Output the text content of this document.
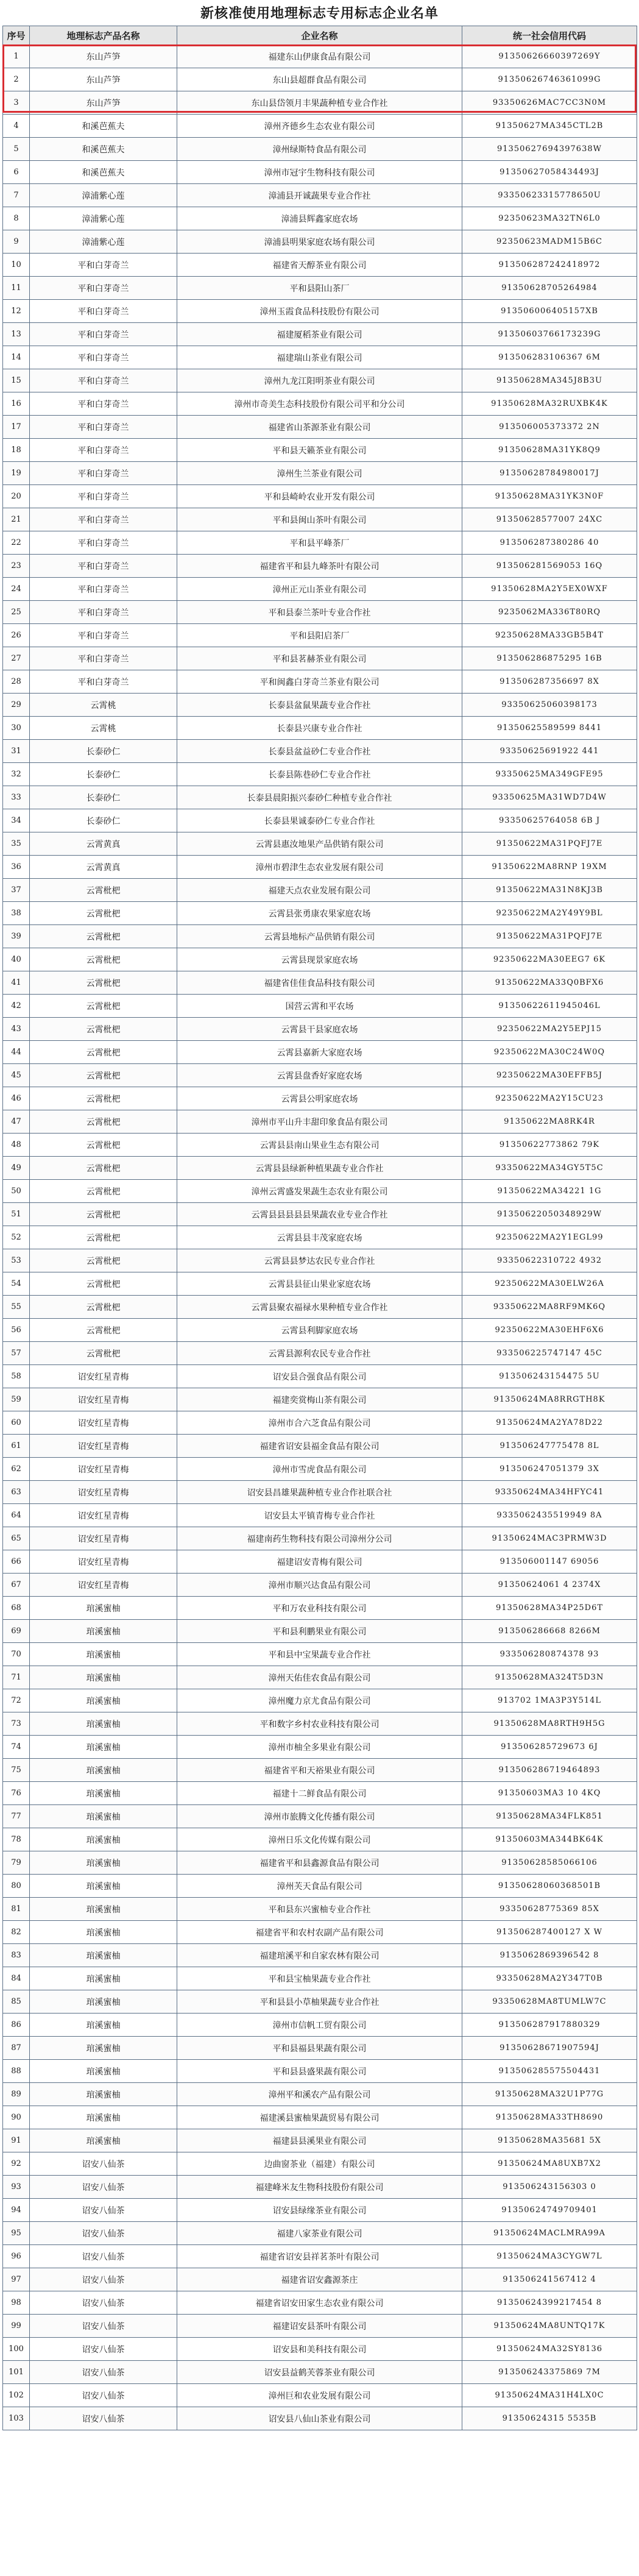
新核准使用地理标志专用标志企业名单
序号	地理标志产品名称	企业名称	统一社会信用代码
1	东山芦笋	福建东山伊康食品有限公司	91350626660397269Y
2	东山芦笋	东山县超群食品有限公司	91350626746361099G
3	东山芦笋	东山县岱领月丰果蔬种植专业合作社	93350626MAC7CC3N0M
4	和溪芭蕉夫	漳州齐德乡生态农业有限公司	91350627MA345CTL2B
5	和溪芭蕉夫	漳州绿斯特食品有限公司	91350627694397638W
6	和溪芭蕉夫	漳州市冠宇生物科技有限公司	91350627058434493J
7	漳浦紫心莲	漳浦县开诚蔬果专业合作社	93350623315778650U
8	漳浦紫心莲	漳浦县辉鑫家庭农场	92350623MA32TN6L0
9	漳浦紫心莲	漳浦县明果家庭农场有限公司	92350623MADM15B6C
10	平和白芽奇兰	福建省天醇茶业有限公司	913506287242418972
11	平和白芽奇兰	平和县阳山茶厂	91350628705264984
12	平和白芽奇兰	漳州玉霞食品科技股份有限公司	913506006405157XB
13	平和白芽奇兰	福建厦稻茶业有限公司	91350603766173239G
14	平和白芽奇兰	福建瑞山茶业有限公司	913506283106367 6M
15	平和白芽奇兰	漳州九龙江阳明茶业有限公司	91350628MA345J8B3U
16	平和白芽奇兰	漳州市奇美生态科技股份有限公司平和分公司	91350628MA32RUXBK4K
17	平和白芽奇兰	福建省山茶源茶业有限公司	913506005373372 2N
18	平和白芽奇兰	平和县天籁茶业有限公司	91350628MA31YK8Q9
19	平和白芽奇兰	漳州生兰茶业有限公司	91350628784980017J
20	平和白芽奇兰	平和县崎岭农业开发有限公司	91350628MA31YK3N0F
21	平和白芽奇兰	平和县闽山茶叶有限公司	91350628577007 24XC
22	平和白芽奇兰	平和县平峰茶厂	913506287380286 40
23	平和白芽奇兰	福建省平和县九峰茶叶有限公司	913506281569053 16Q
24	平和白芽奇兰	漳州正元山茶业有限公司	91350628MA2Y5EX0WXF
25	平和白芽奇兰	平和县泰兰茶叶专业合作社	9235062MA336T80RQ
26	平和白芽奇兰	平和县阳启茶厂	92350628MA33GB5B4T
27	平和白芽奇兰	平和县茗赫茶业有限公司	913506286875295 16B
28	平和白芽奇兰	平和闽鑫白芽奇兰茶业有限公司	913506287356697 8X
29	云霄桃	长泰县盆鼠果蔬专业合作社	93350625060398173
30	云霄桃	长泰县兴康专业合作社	91350625589599 8441
31	长泰砂仁	长泰县盆益砂仁专业合作社	93350625691922 441
32	长泰砂仁	长泰县陈巷砂仁专业合作社	93350625MA349GFE95
33	长泰砂仁	长泰县晨阳振兴泰砂仁种植专业合作社	93350625MA31WD7D4W
34	长泰砂仁	长泰县果诚泰砂仁专业合作社	93350625764058 6B J
35	云霄黄真	云霄县惠汝地果产品供销有限公司	91350622MA31PQFJ7E
36	云霄黄真	漳州市碧津生态农业发展有限公司	91350622MA8RNP 19XM
37	云霄枇杷	福建天点农业发展有限公司	91350622MA31N8KJ3B
38	云霄枇杷	云霄县张勇康农果家庭农场	92350622MA2Y49Y9BL
39	云霄枇杷	云霄县地标产品供销有限公司	91350622MA31PQFJ7E
40	云霄枇杷	云霄县现景家庭农场	92350622MA30EEG7 6K
41	云霄枇杷	福建省佳佳食品科技有限公司	91350622MA33Q0BFX6
42	云霄枇杷	国营云霄和平农场	91350622611945046L
43	云霄枇杷	云霄县干县家庭农场	92350622MA2Y5EPJ15
44	云霄枇杷	云霄县嘉新大家庭农场	92350622MA30C24W0Q
45	云霄枇杷	云霄县盘香好家庭农场	92350622MA30EFFB5J
46	云霄枇杷	云霄县公明家庭农场	92350622MA2Y15CU23
47	云霄枇杷	漳州市平山升丰甜印象食品有限公司	91350622MA8RK4R
48	云霄枇杷	云霄县县南山果业生态有限公司	91350622773862 79K
49	云霄枇杷	云霄县县绿新种植果蔬专业合作社	93350622MA34GY5T5C
50	云霄枇杷	漳州云霄盛发果蔬生态农业有限公司	91350622MA34221 1G
51	云霄枇杷	云霄县县县县县果蔬农业专业合作社	91350622050348929W
52	云霄枇杷	云霄县县丰茂家庭农场	92350622MA2Y1EGL99
53	云霄枇杷	云霄县县梦达农民专业合作社	93350622310722 4932
54	云霄枇杷	云霄县县征山果业家庭农场	92350622MA30ELW26A
55	云霄枇杷	云霄县聚农福禄水果种植专业合作社	93350622MA8RF9MK6Q
56	云霄枇杷	云霄县利脚家庭农场	92350622MA30EHF6X6
57	云霄枇杷	云霄县源利农民专业合作社	933506225747147 45C
58	诏安红星青梅	诏安县合强食品有限公司	913506243154475 5U
59	诏安红星青梅	福建奕赏梅山茶有限公司	91350624MA8RRGTH8K
60	诏安红星青梅	漳州市合六芝食品有限公司	91350624MA2YA78D22
61	诏安红星青梅	福建省诏安县福金食品有限公司	913506247775478 8L
62	诏安红星青梅	漳州市雪虎食品有限公司	913506247051379 3X
63	诏安红星青梅	诏安县昌雄果蔬种植专业合作社联合社	93350624MA34HFYC41
64	诏安红星青梅	诏安县太平镇青梅专业合作社	9335062435519949 8A
65	诏安红星青梅	福建南药生物科技有限公司漳州分公司	91350624MAC3PRMW3D
66	诏安红星青梅	福建诏安青梅有限公司	913506001147 69056
67	诏安红星青梅	漳州市顺兴达食品有限公司	91350624061 4 2374X
68	琯溪蜜柚	平和万农业科技有限公司	91350628MA34P25D6T
69	琯溪蜜柚	平和县利鹏果业有限公司	913506286668 8266M
70	琯溪蜜柚	平和县中宝果蔬专业合作社	933506280874378 93
71	琯溪蜜柚	漳州天佑佳农食品有限公司	91350628MA324T5D3N
72	琯溪蜜柚	漳州魔力京尤食品有限公司	913702 1MA3P3Y514L
73	琯溪蜜柚	平和数字乡村农业科技有限公司	91350628MA8RTH9H5G
74	琯溪蜜柚	漳州市柚全多果业有限公司	913506285729673 6J
75	琯溪蜜柚	福建省平和天裕果业有限公司	913506286719464893
76	琯溪蜜柚	福建十二鲜食品有限公司	91350603MA3 10 4KQ
77	琯溪蜜柚	漳州市旅腾文化传播有限公司	91350628MA34FLK851
78	琯溪蜜柚	漳州日乐文化传媒有限公司	91350603MA344BK64K
79	琯溪蜜柚	福建省平和县鑫源食品有限公司	91350628585066106
80	琯溪蜜柚	漳州芙天食品有限公司	91350628060368501B
81	琯溪蜜柚	平和县东兴蜜柚专业合作社	93350628775369 85X
82	琯溪蜜柚	福建省平和农村农副产品有限公司	913506287400127 X W
83	琯溪蜜柚	福建琯溪平和自家农林有限公司	9135062869396542 8
84	琯溪蜜柚	平和县宝柚果蔬专业合作社	93350628MA2Y347T0B
85	琯溪蜜柚	平和县县小草柚果蔬专业合作社	93350628MA8TUMLW7C
86	琯溪蜜柚	漳州市信帆工贸有限公司	913506287917880329
87	琯溪蜜柚	平和县福县果蔬有限公司	91350628671907594J
88	琯溪蜜柚	平和县县盛果蔬有限公司	913506285575504431
89	琯溪蜜柚	漳州平和溪农产品有限公司	91350628MA32U1P77G
90	琯溪蜜柚	福建溪县蜜柚果蔬贸易有限公司	91350628MA33TH8690
91	琯溪蜜柚	福建县县溪果业有限公司	91350628MA35681 5X
92	诏安八仙茶	边曲窗茶业（福建）有限公司	91350624MA8UXB7X2
93	诏安八仙茶	福建峰米友生物科技股份有限公司	913506243156303 0
94	诏安八仙茶	诏安县绿缘茶业有限公司	91350624749709401
95	诏安八仙茶	福建八家茶业有限公司	91350624MACLMRA99A
96	诏安八仙茶	福建省诏安县祥茗茶叶有限公司	91350624MA3CYGW7L
97	诏安八仙茶	福建省诏安鑫源茶庄	913506241567412 4
98	诏安八仙茶	福建省诏安田家生态农业有限公司	91350624399217454 8
99	诏安八仙茶	福建诏安县茶叶有限公司	91350624MA8UNTQ17K
100	诏安八仙茶	诏安县和美科技有限公司	91350624MA32SY8136
101	诏安八仙茶	诏安县益鹤芙蓉茶业有限公司	913506243375869 7M
102	诏安八仙茶	漳州巨和农业发展有限公司	91350624MA31H4LX0C
103	诏安八仙茶	诏安县八仙山茶业有限公司	91350624315 5535B
